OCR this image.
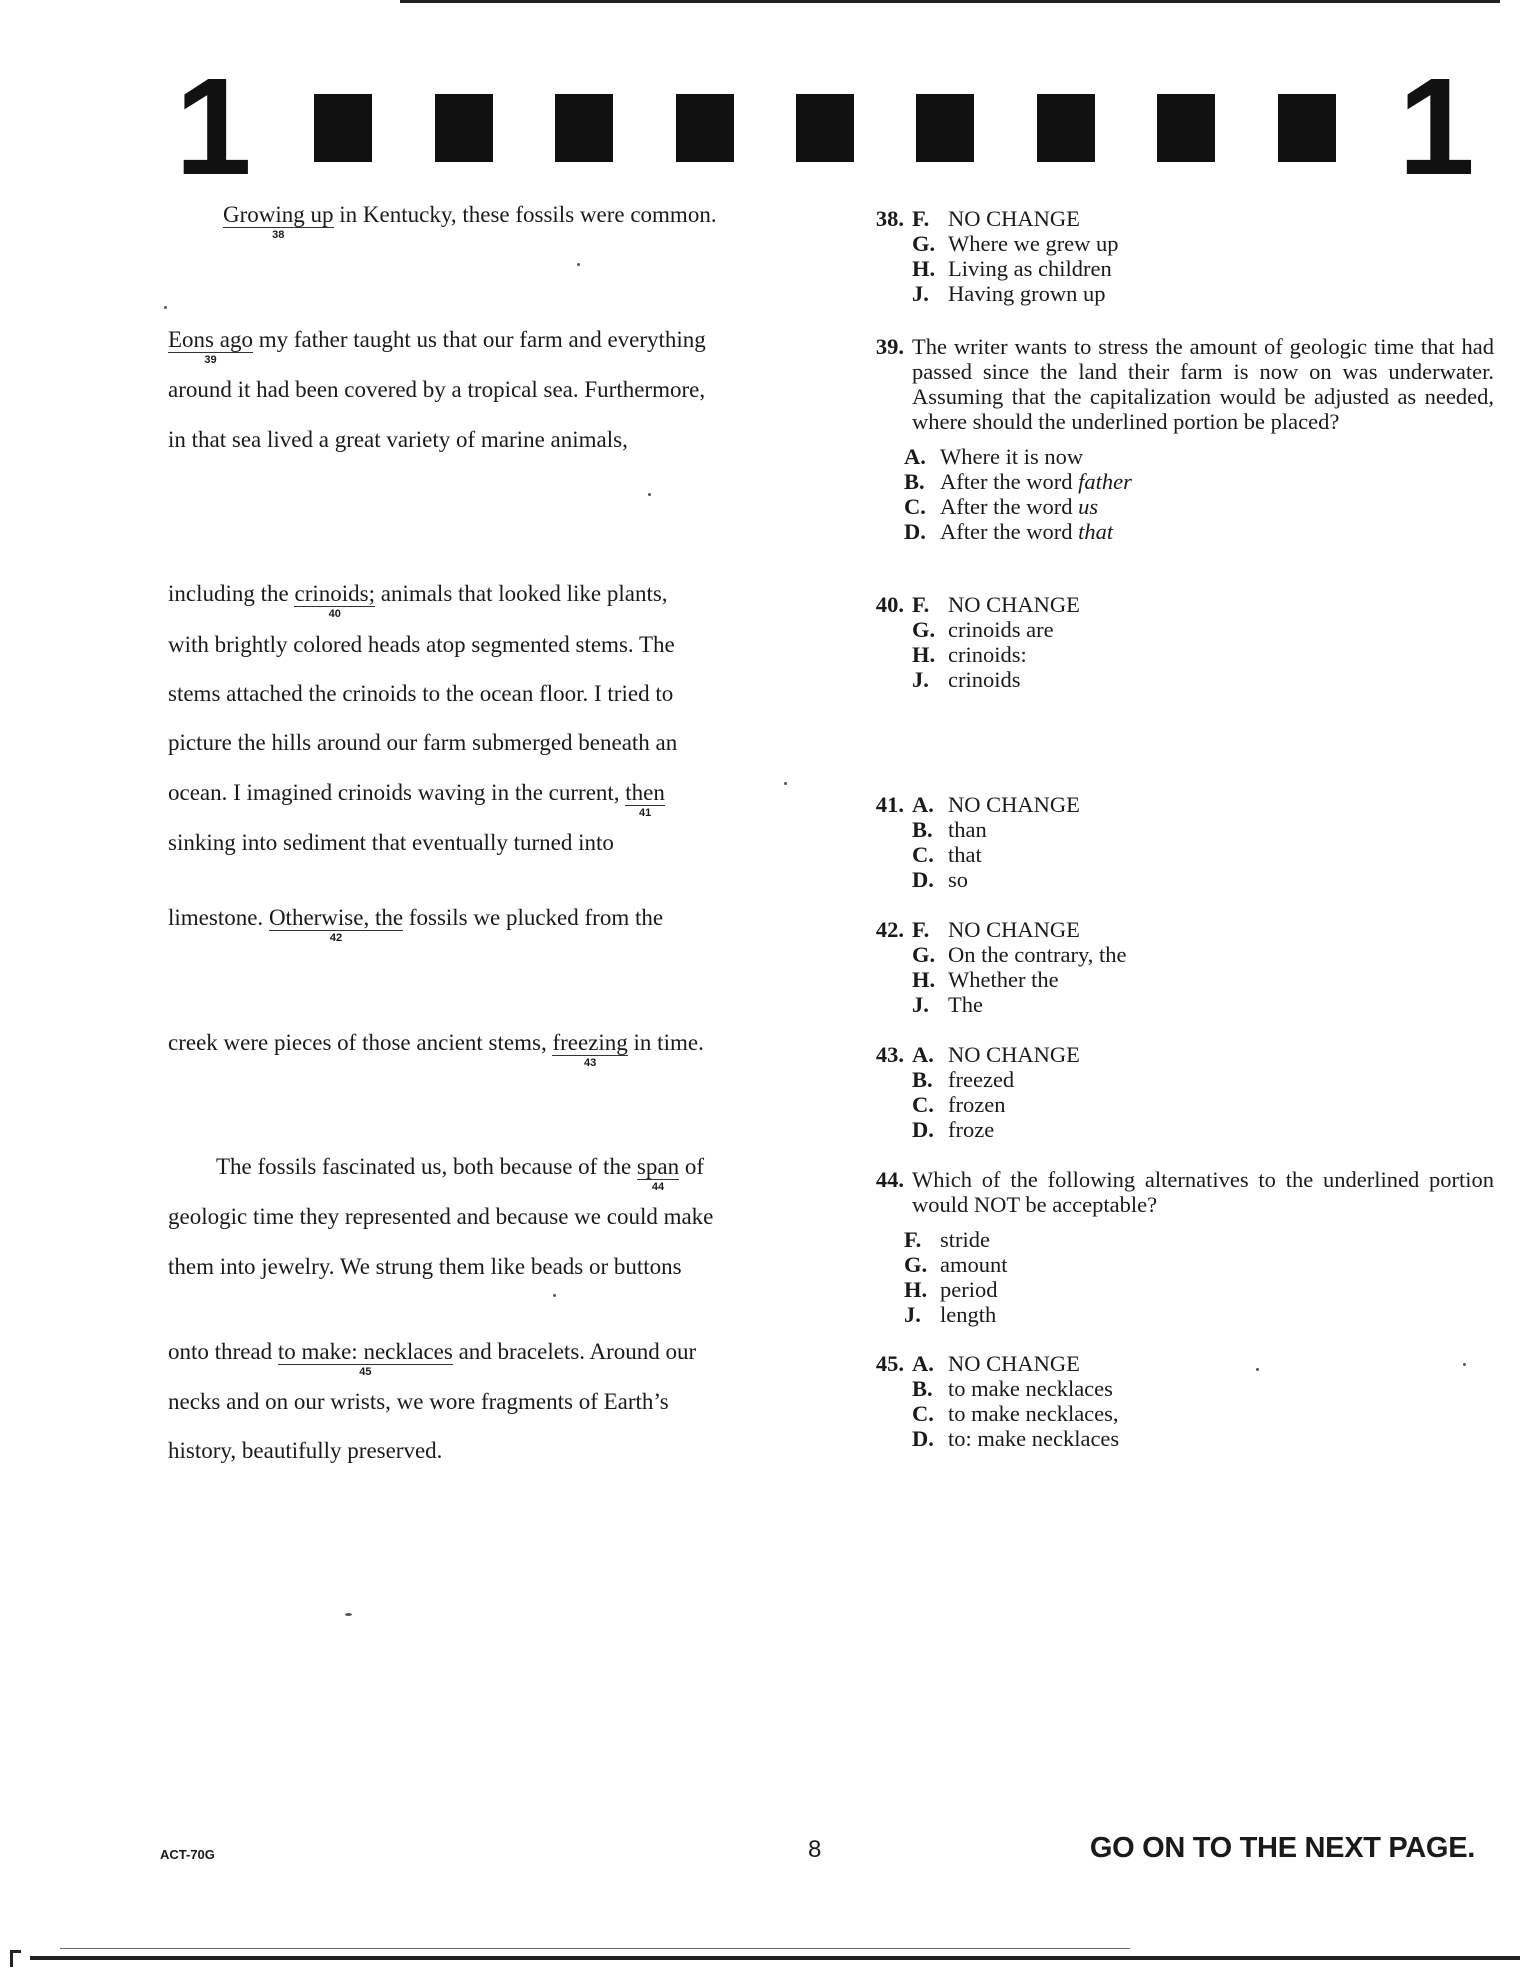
1	1
Growing up
38
in Kentucky, these fossils were common.
Eons ago
39
my father taught us that our farm and everything
around it had been covered by a tropical sea. Furthermore,
in that sea lived a great variety of marine animals,
including the crinoids;
40
animals that looked like plants,
with brightly colored heads atop segmented stems. The
stems attached the crinoids to the ocean floor. I tried to
picture the hills around our farm submerged beneath an
ocean. I imagined crinoids waving in the current, then
41
sinking into sediment that eventually turned into
limestone. Otherwise, the
42
fossils we plucked from the
creek were pieces of those ancient stems, freezing
43
in time.
The fossils fascinated us, both because of the span
44
of
geologic time they represented and because we could make
them into jewelry. We strung them like beads or buttons
onto thread to make: necklaces
45
and bracelets. Around our
necks and on our wrists, we wore fragments of Earth’s
history, beautifully preserved.
38. F. NO CHANGE
G. Where we grew up
H. Living as children
J. Having grown up
39. The writer wants to stress the amount of geologic time that had passed since the land their farm is now on was underwater. Assuming that the capitalization would be adjusted as needed, where should the underlined portion be placed?
A. Where it is now
B. After the word father
C. After the word us
D. After the word that
40. F. NO CHANGE
G. crinoids are
H. crinoids:
J. crinoids
41. A. NO CHANGE
B. than
C. that
D. so
42. F. NO CHANGE
G. On the contrary, the
H. Whether the
J. The
43. A. NO CHANGE
B. freezed
C. frozen
D. froze
44. Which of the following alternatives to the underlined portion would NOT be acceptable?
F. stride
G. amount
H. period
J. length
45. A. NO CHANGE
B. to make necklaces
C. to make necklaces,
D. to: make necklaces
ACT-70G	8	GO ON TO THE NEXT PAGE.
